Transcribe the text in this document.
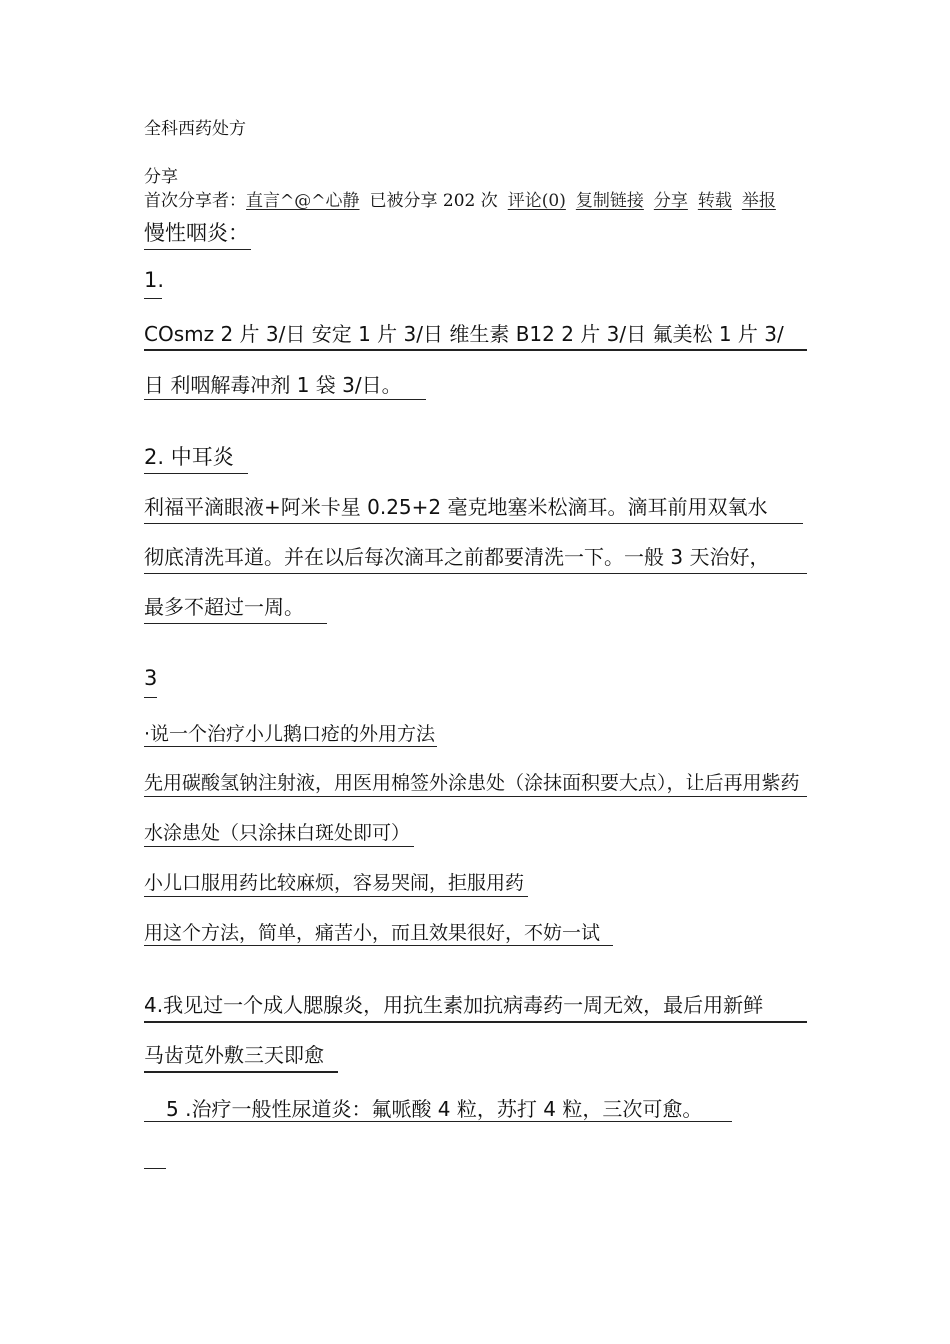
全科西药处方
分享
首次分享者：直言^@^心静 已被分享 202 次 评论(0) 复制链接 分享 转载 举报
慢性咽炎：
1.
COsmz 2 片 3/日 安定 1 片 3/日 维生素 B12 2 片 3/日 氟美松 1 片 3/
日 利咽解毒冲剂 1 袋 3/日。
2. 中耳炎
利福平滴眼液+阿米卡星 0.25+2 毫克地塞米松滴耳。滴耳前用双氧水
彻底清洗耳道。并在以后每次滴耳之前都要清洗一下。一般 3 天治好，
最多不超过一周。
3
·说一个治疗小儿鹅口疮的外用方法
先用碳酸氢钠注射液，用医用棉签外涂患处（涂抹面积要大点），让后再用紫药
水涂患处（只涂抹白斑处即可）
小儿口服用药比较麻烦，容易哭闹，拒服用药
用这个方法，简单，痛苦小，而且效果很好，不妨一试
4.我见过一个成人腮腺炎，用抗生素加抗病毒药一周无效，最后用新鲜
马齿苋外敷三天即愈
5 .治疗一般性尿道炎：氟哌酸 4 粒，苏打 4 粒，三次可愈。
